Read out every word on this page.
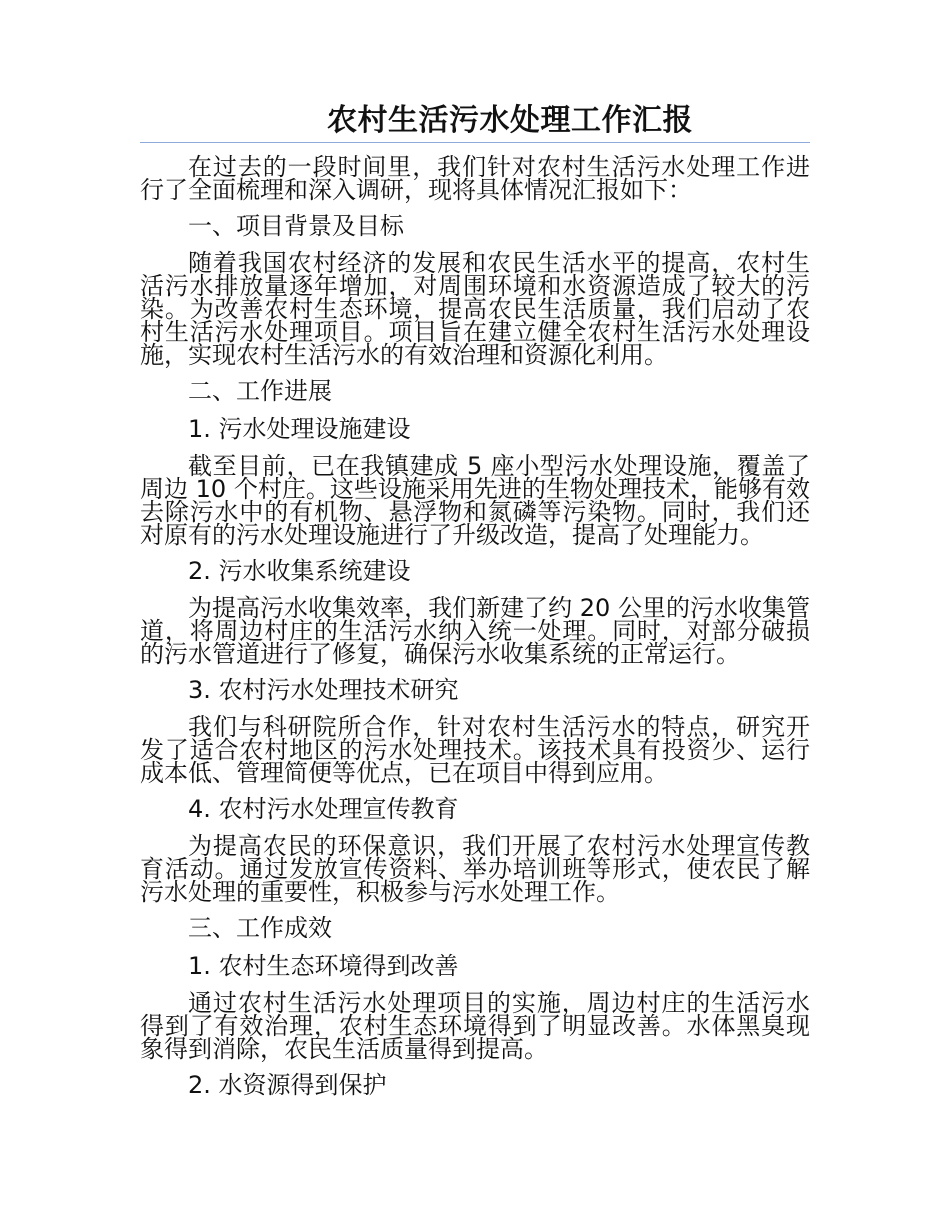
农村生活污水处理工作汇报

在过去的一段时间里，我们针对农村生活污水处理工作进行了全面梳理和深入调研，现将具体情况汇报如下：

一、项目背景及目标

随着我国农村经济的发展和农民生活水平的提高，农村生活污水排放量逐年增加，对周围环境和水资源造成了较大的污染。为改善农村生态环境，提高农民生活质量，我们启动了农村生活污水处理项目。项目旨在建立健全农村生活污水处理设施，实现农村生活污水的有效治理和资源化利用。

二、工作进展

1. 污水处理设施建设

截至目前，已在我镇建成 5 座小型污水处理设施，覆盖了周边 10 个村庄。这些设施采用先进的生物处理技术，能够有效去除污水中的有机物、悬浮物和氮磷等污染物。同时，我们还对原有的污水处理设施进行了升级改造，提高了处理能力。

2. 污水收集系统建设

为提高污水收集效率，我们新建了约 20 公里的污水收集管道，将周边村庄的生活污水纳入统一处理。同时，对部分破损的污水管道进行了修复，确保污水收集系统的正常运行。

3. 农村污水处理技术研究

我们与科研院所合作，针对农村生活污水的特点，研究开发了适合农村地区的污水处理技术。该技术具有投资少、运行成本低、管理简便等优点，已在项目中得到应用。

4. 农村污水处理宣传教育

为提高农民的环保意识，我们开展了农村污水处理宣传教育活动。通过发放宣传资料、举办培训班等形式，使农民了解污水处理的重要性，积极参与污水处理工作。

三、工作成效

1. 农村生态环境得到改善

通过农村生活污水处理项目的实施，周边村庄的生活污水得到了有效治理，农村生态环境得到了明显改善。水体黑臭现象得到消除，农民生活质量得到提高。

2. 水资源得到保护
